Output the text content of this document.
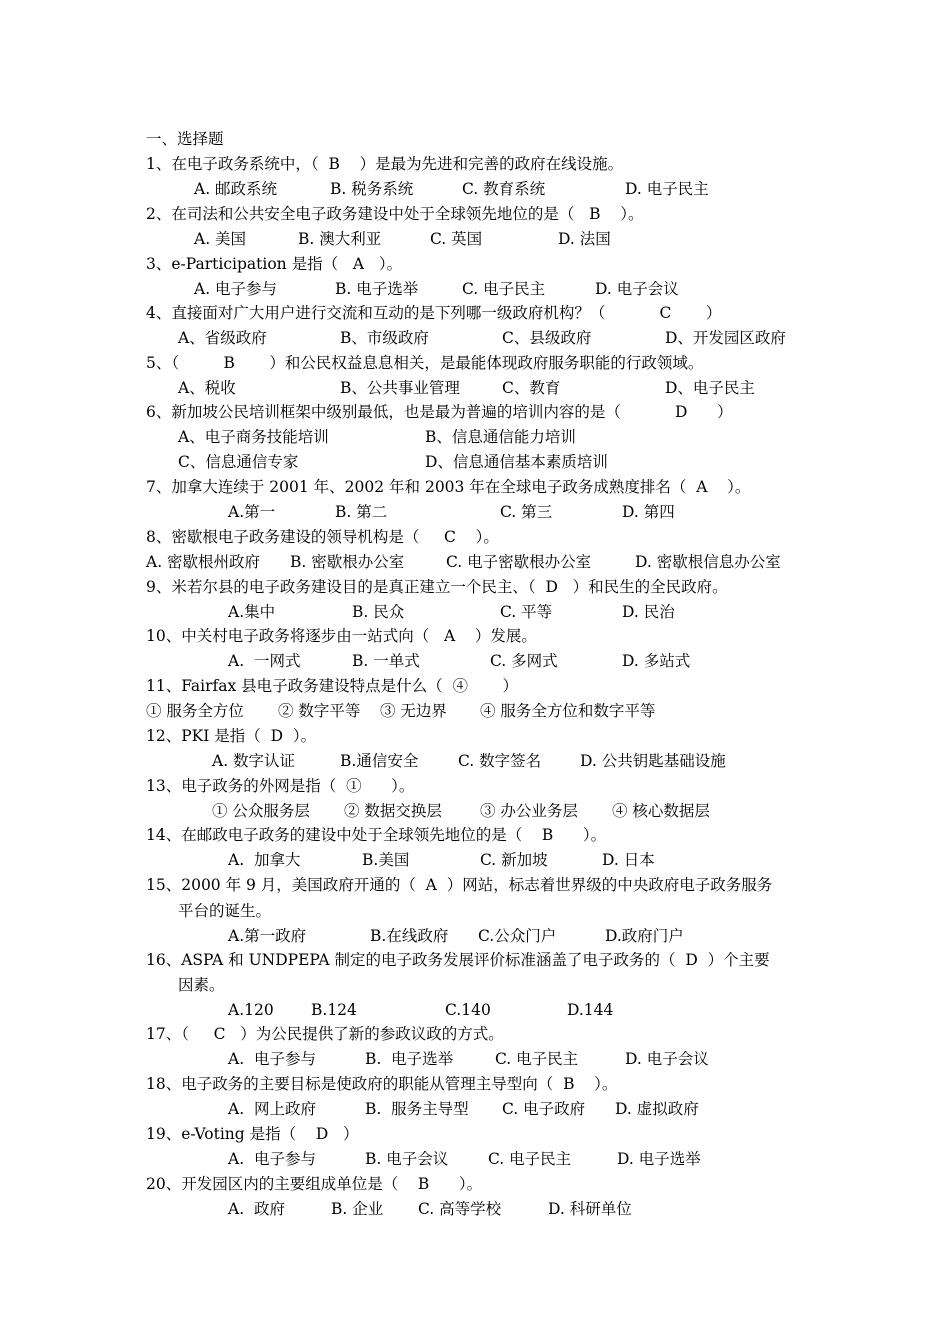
一、选择题
1、在电子政务系统中，（  B    ）是最为先进和完善的政府在线设施。
A. 邮政系统	B. 税务系统	C. 教育系统	D. 电子民主
2、在司法和公共安全电子政务建设中处于全球领先地位的是（   B    ）。
A. 美国	B. 澳大利亚	C. 英国	D. 法国
3、e-Participation 是指（   A   ）。
A. 电子参与	B. 电子选举	C. 电子民主	D. 电子会议
4、直接面对广大用户进行交流和互动的是下列哪一级政府机构？（           C       ）
A、省级政府	B、市级政府	C、县级政府	D、开发园区政府
5、（         B       ）和公民权益息息相关，是最能体现政府服务职能的行政领域。
A、税收	B、公共事业管理	C、教育	D、电子民主
6、新加坡公民培训框架中级别最低，也是最为普遍的培训内容的是（           D      ）
A、电子商务技能培训	B、信息通信能力培训
C、信息通信专家	D、信息通信基本素质培训
7、加拿大连续于 2001 年、2002 年和 2003 年在全球电子政务成熟度排名（  A    ）。
A.第一	B. 第二	C. 第三	D. 第四
8、密歇根电子政务建设的领导机构是（     C    ）。
A. 密歇根州政府 B. 密歇根办公室	C. 电子密歇根办公室	D. 密歇根信息办公室
9、米若尔县的电子政务建设目的是真正建立一个民主、（  D   ）和民生的全民政府。
A.集中	B. 民众	C. 平等	D. 民治
10、中关村电子政务将逐步由一站式向（   A    ）发展。
A.  一网式	B. 一单式	C. 多网式	D. 多站式
11、Fairfax 县电子政务建设特点是什么（  ④       ）
① 服务全方位 ② 数字平等 ③ 无边界 ④ 服务全方位和数字平等
12、PKI 是指（  D  ）。
A. 数字认证	B.通信安全	C. 数字签名	D. 公共钥匙基础设施
13、电子政务的外网是指（  ①      ）。
① 公众服务层 ② 数据交换层 ③ 办公业务层 ④ 核心数据层
14、在邮政电子政务的建设中处于全球领先地位的是（    B      ）。
A.  加拿大	B.美国	C. 新加坡	D. 日本
15、2000 年 9 月，美国政府开通的（  A  ）网站，标志着世界级的中央政府电子政务服务
平台的诞生。
A.第一政府	B.在线政府 C.公众门户	D.政府门户
16、ASPA 和 UNDPEPA 制定的电子政务发展评价标准涵盖了电子政务的（  D  ）个主要
因素。
A.120 B.124	C.140	D.144
17、（     C   ）为公民提供了新的参政议政的方式。
A.  电子参与	B.  电子选举	C. 电子民主	D. 电子会议
18、电子政务的主要目标是使政府的职能从管理主导型向（  B    ）。
A.  网上政府	B.  服务主导型 C. 电子政府 D. 虚拟政府
19、e-Voting 是指（    D   ）
A.  电子参与	B. 电子会议	C. 电子民主	D. 电子选举
20、开发园区内的主要组成单位是（    B      ）。
A.  政府	B. 企业 C. 高等学校	D. 科研单位
